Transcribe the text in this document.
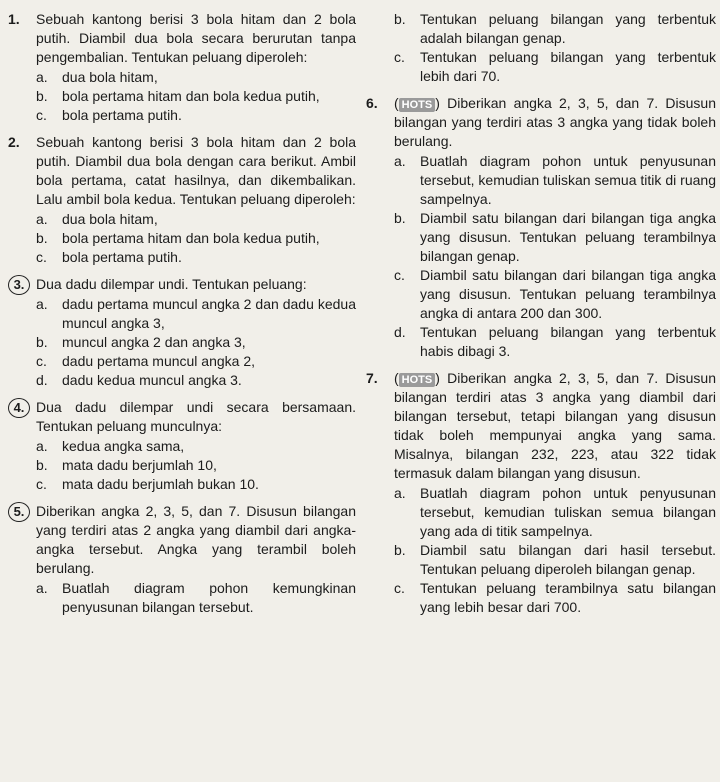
1.	Sebuah kantong berisi 3 bola hitam dan 2 bola putih. Diambil dua bola secara berurutan tanpa pengembalian. Tentukan peluang diperoleh:
a.	dua bola hitam,
b.	bola pertama hitam dan bola kedua putih,
c.	bola pertama putih.
2.	Sebuah kantong berisi 3 bola hitam dan 2 bola putih. Diambil dua bola dengan cara berikut. Ambil bola pertama, catat hasilnya, dan dikembalikan. Lalu ambil bola kedua. Tentukan peluang diperoleh:
a.	dua bola hitam,
b.	bola pertama hitam dan bola kedua putih,
c.	bola pertama putih.
3. Dua dadu dilempar undi. Tentukan peluang:
a.	dadu pertama muncul angka 2 dan dadu kedua muncul angka 3,
b.	muncul angka 2 dan angka 3,
c.	dadu pertama muncul angka 2,
d.	dadu kedua muncul angka 3.
4. Dua dadu dilempar undi secara bersamaan. Tentukan peluang munculnya:
a.	kedua angka sama,
b.	mata dadu berjumlah 10,
c.	mata dadu berjumlah bukan 10.
5. Diberikan angka 2, 3, 5, dan 7. Disusun bilangan yang terdiri atas 2 angka yang diambil dari angka-angka tersebut. Angka yang terambil boleh berulang.
a.	Buatlah diagram pohon kemungkinan penyusunan bilangan tersebut.
b.	Tentukan peluang bilangan yang terbentuk adalah bilangan genap.
c.	Tentukan peluang bilangan yang terbentuk lebih dari 70.
6.	( HOTS ) Diberikan angka 2, 3, 5, dan 7. Disusun bilangan yang terdiri atas 3 angka yang tidak boleh berulang.
a.	Buatlah diagram pohon untuk penyusunan tersebut, kemudian tuliskan semua titik di ruang sampelnya.
b.	Diambil satu bilangan dari bilangan tiga angka yang disusun. Tentukan peluang terambilnya bilangan genap.
c.	Diambil satu bilangan dari bilangan tiga angka yang disusun. Tentukan peluang terambilnya angka di antara 200 dan 300.
d.	Tentukan peluang bilangan yang terbentuk habis dibagi 3.
7.	( HOTS ) Diberikan angka 2, 3, 5, dan 7. Disusun bilangan terdiri atas 3 angka yang diambil dari bilangan tersebut, tetapi bilangan yang disusun tidak boleh mempunyai angka yang sama. Misalnya, bilangan 232, 223, atau 322 tidak termasuk dalam bilangan yang disusun.
a.	Buatlah diagram pohon untuk penyusunan tersebut, kemudian tuliskan semua bilangan yang ada di titik sampelnya.
b.	Diambil satu bilangan dari hasil tersebut. Tentukan peluang diperoleh bilangan genap.
c.	Tentukan peluang terambilnya satu bilangan yang lebih besar dari 700.
